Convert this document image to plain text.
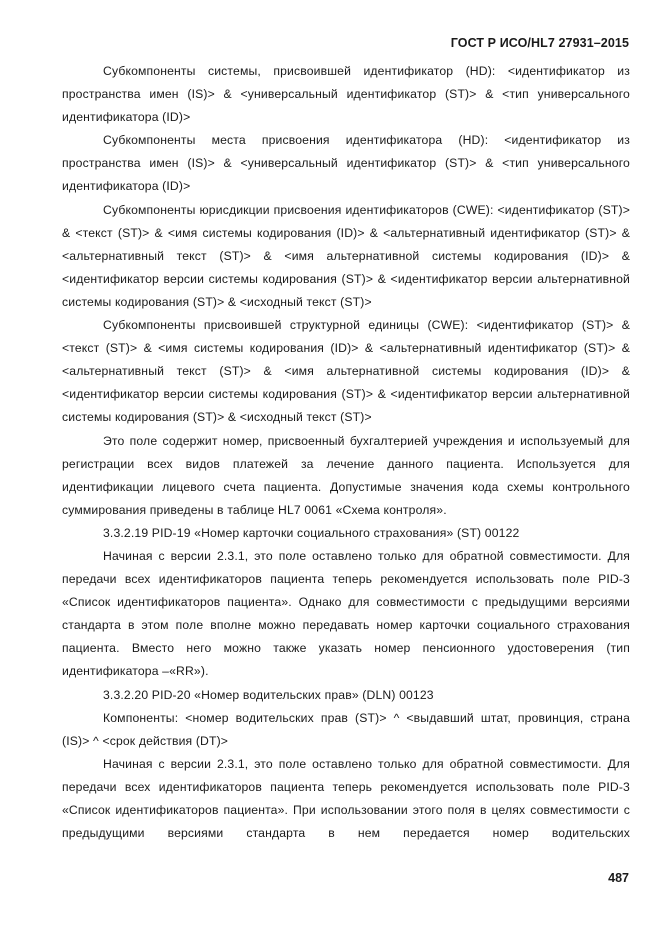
ГОСТ Р ИСО/HL7 27931–2015

Субкомпоненты системы, присвоившей идентификатор (HD): <идентификатор из пространства имен (IS)> & <универсальный идентификатор (ST)> & <тип универсального идентификатора (ID)>

Субкомпоненты места присвоения идентификатора (HD): <идентификатор из пространства имен (IS)> & <универсальный идентификатор (ST)> & <тип универсального идентификатора (ID)>

Субкомпоненты юрисдикции присвоения идентификаторов (CWE): <идентификатор (ST)> & <текст (ST)> & <имя системы кодирования (ID)> & <альтернативный идентификатор (ST)> & <альтернативный текст (ST)> & <имя альтернативной системы кодирования (ID)> & <идентификатор версии системы кодирования (ST)> & <идентификатор версии альтернативной системы кодирования (ST)> & <исходный текст (ST)>

Субкомпоненты присвоившей структурной единицы (CWE): <идентификатор (ST)> & <текст (ST)> & <имя системы кодирования (ID)> & <альтернативный идентификатор (ST)> & <альтернативный текст (ST)> & <имя альтернативной системы кодирования (ID)> & <идентификатор версии системы кодирования (ST)> & <идентификатор версии альтернативной системы кодирования (ST)> & <исходный текст (ST)>

Это поле содержит номер, присвоенный бухгалтерией учреждения и используемый для регистрации всех видов платежей за лечение данного пациента. Используется для идентификации лицевого счета пациента. Допустимые значения кода схемы контрольного суммирования приведены в таблице HL7 0061 «Схема контроля».

3.3.2.19 PID-19 «Номер карточки социального страхования» (ST) 00122

Начиная с версии 2.3.1, это поле оставлено только для обратной совместимости. Для передачи всех идентификаторов пациента теперь рекомендуется использовать поле PID-3 «Список идентификаторов пациента». Однако для совместимости с предыдущими версиями стандарта в этом поле вполне можно передавать номер карточки социального страхования пациента. Вместо него можно также указать номер пенсионного удостоверения (тип идентификатора –«RR»).

3.3.2.20 PID-20 «Номер водительских прав» (DLN) 00123

Компоненты: <номер водительских прав (ST)> ^ <выдавший штат, провинция, страна (IS)> ^ <срок действия (DT)>

Начиная с версии 2.3.1, это поле оставлено только для обратной совместимости. Для передачи всех идентификаторов пациента теперь рекомендуется использовать поле PID-3 «Список идентификаторов пациента». При использовании этого поля в целях совместимости с предыдущими версиями стандарта в нем передается номер водительских

487
